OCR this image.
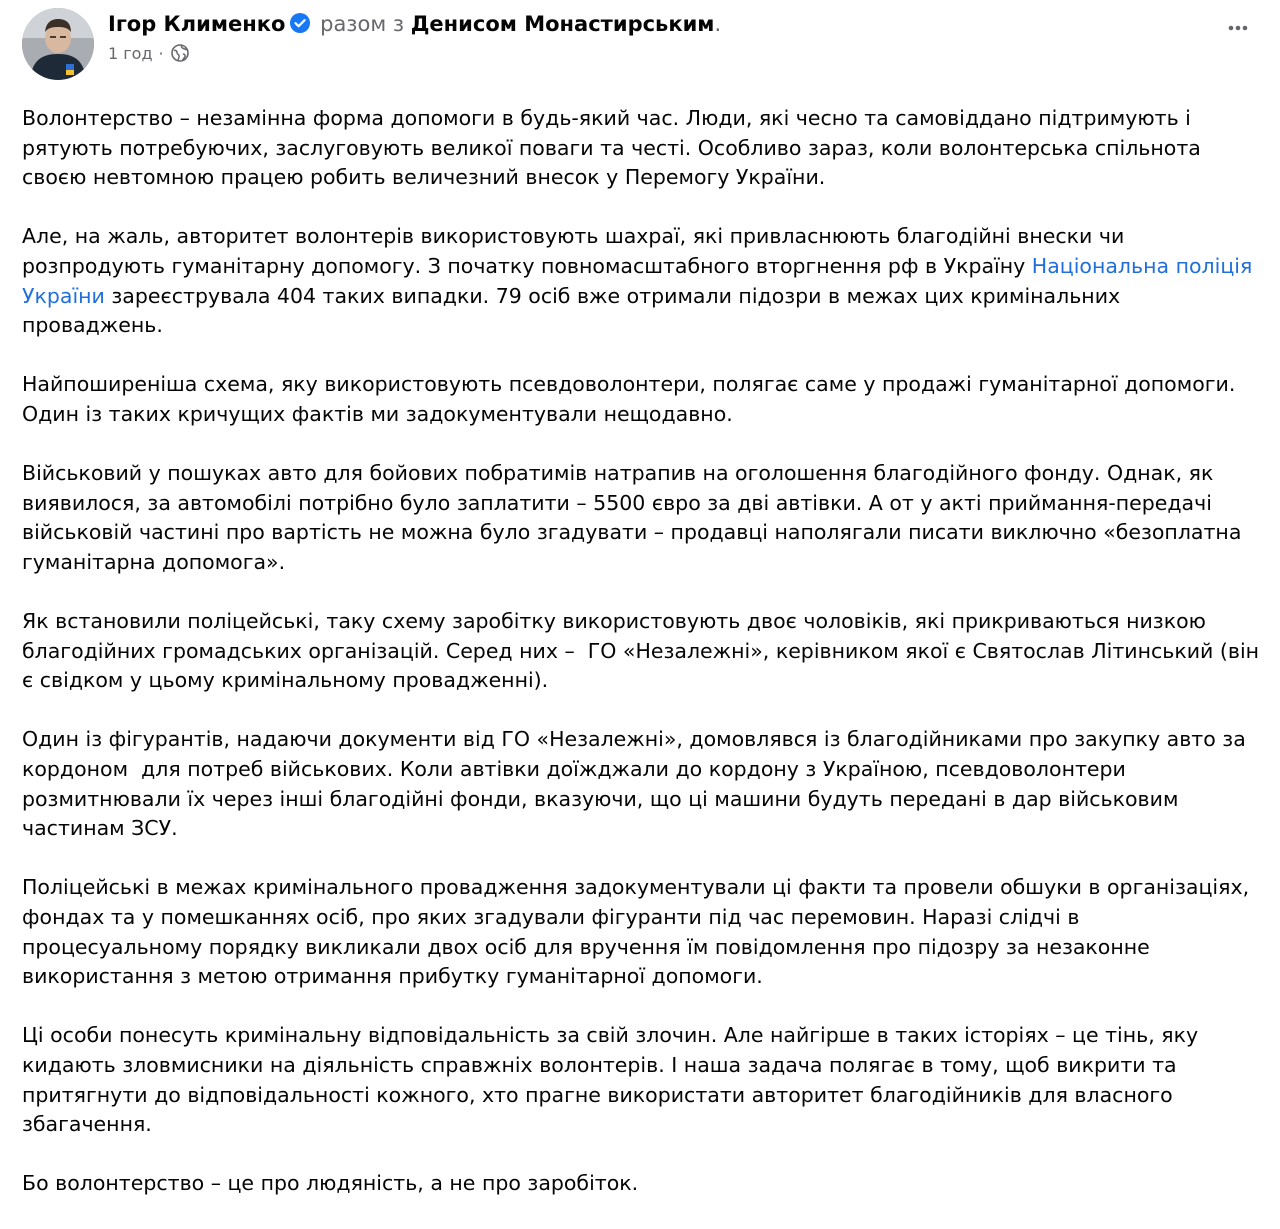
Ігор Клименко разом з Денисом Монастирським.
1 год ·

Волонтерство – незамінна форма допомоги в будь-який час. Люди, які чесно та самовіддано підтримують і рятують потребуючих, заслуговують великої поваги та честі. Особливо зараз, коли волонтерська спільнота своєю невтомною працею робить величезний внесок у Перемогу України.

Але, на жаль, авторитет волонтерів використовують шахраї, які привласнюють благодійні внески чи розпродують гуманітарну допомогу. З початку повномасштабного вторгнення рф в Україну Національна поліція України зареєструвала 404 таких випадки. 79 осіб вже отримали підозри в межах цих кримінальних проваджень.

Найпоширеніша схема, яку використовують псевдоволонтери, полягає саме у продажі гуманітарної допомоги. Один із таких кричущих фактів ми задокументували нещодавно.

Військовий у пошуках авто для бойових побратимів натрапив на оголошення благодійного фонду. Однак, як виявилося, за автомобілі потрібно було заплатити – 5500 євро за дві автівки. А от у акті приймання-передачі військовій частині про вартість не можна було згадувати – продавці наполягали писати виключно «безоплатна гуманітарна допомога».

Як встановили поліцейські, таку схему заробітку використовують двоє чоловіків, які прикриваються низкою благодійних громадських організацій. Серед них –  ГО «Незалежні», керівником якої є Святослав Літинський (він є свідком у цьому кримінальному провадженні).

Один із фігурантів, надаючи документи від ГО «Незалежні», домовлявся із благодійниками про закупку авто за кордоном  для потреб військових. Коли автівки доїжджали до кордону з Україною, псевдоволонтери розмитнювали їх через інші благодійні фонди, вказуючи, що ці машини будуть передані в дар військовим частинам ЗСУ.

Поліцейські в межах кримінального провадження задокументували ці факти та провели обшуки в організаціях, фондах та у помешканнях осіб, про яких згадували фігуранти під час перемовин. Наразі слідчі в процесуальному порядку викликали двох осіб для вручення їм повідомлення про підозру за незаконне використання з метою отримання прибутку гуманітарної допомоги.

Ці особи понесуть кримінальну відповідальність за свій злочин. Але найгірше в таких історіях – це тінь, яку кидають зловмисники на діяльність справжніх волонтерів. І наша задача полягає в тому, щоб викрити та притягнути до відповідальності кожного, хто прагне використати авторитет благодійників для власного збагачення.

Бо волонтерство – це про людяність, а не про заробіток.
